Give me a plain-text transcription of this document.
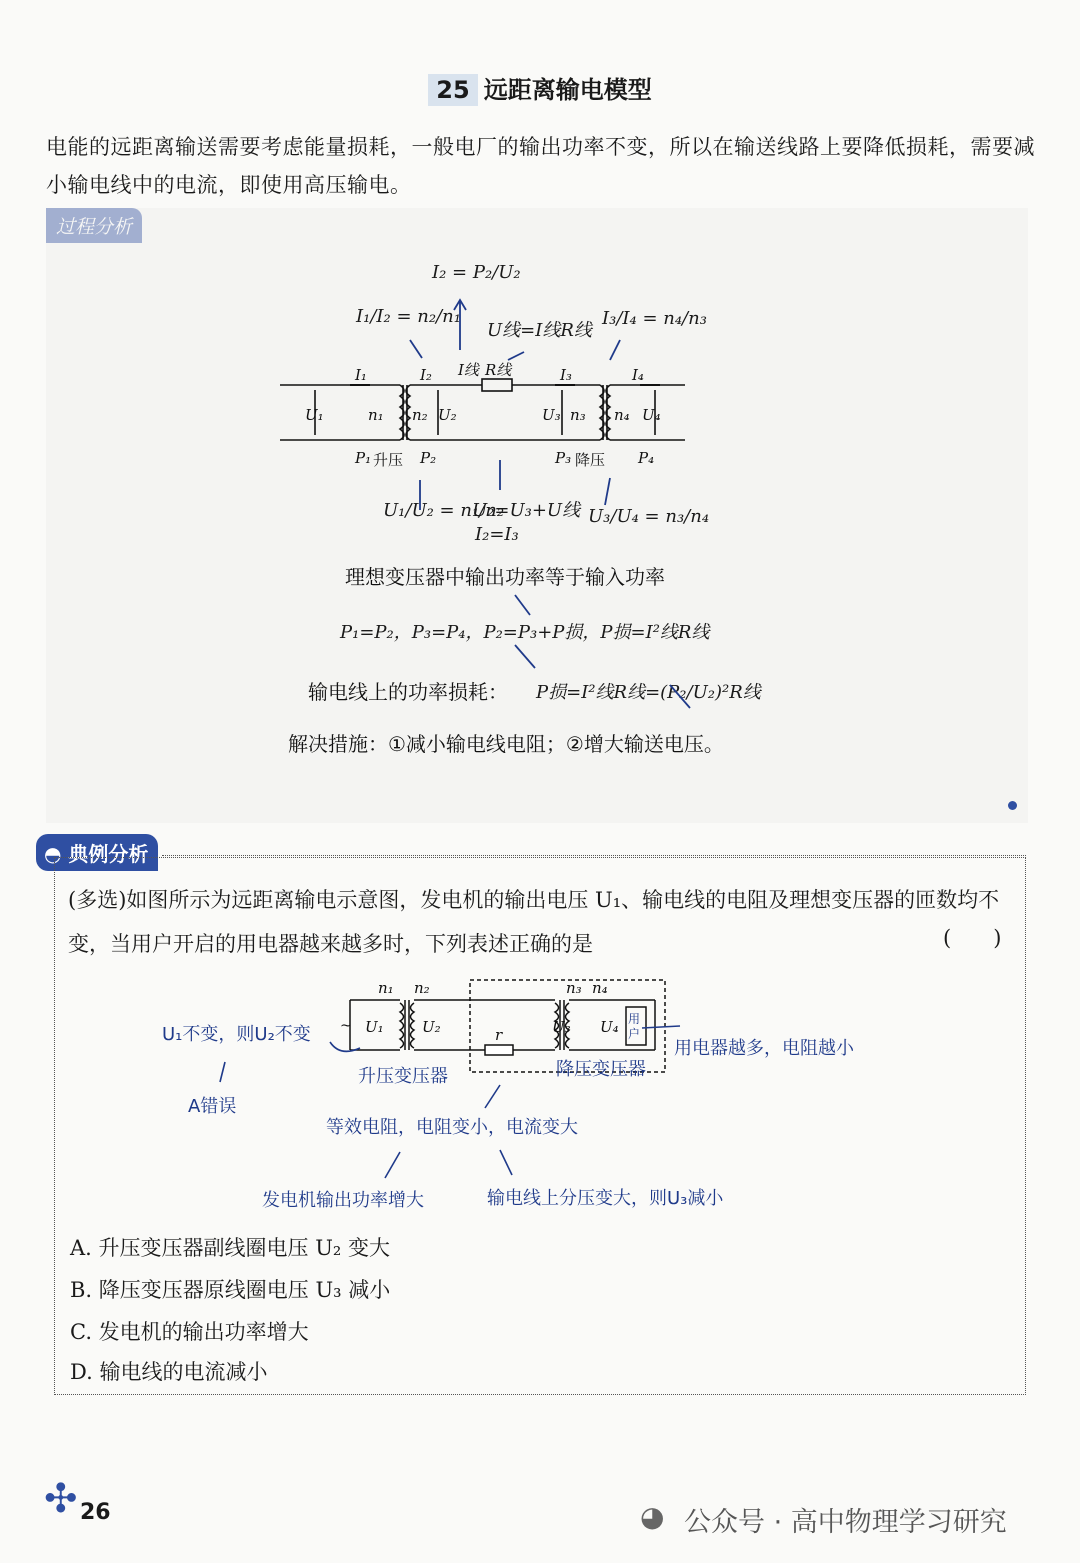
25 远距离输电模型
电能的远距离输送需要考虑能量损耗，一般电厂的输出功率不变，所以在输送线路上要降低损耗，需要减小输电线中的电流，即使用高压输电。
I₁	I₂ I线 R线	I₃	I₄
U₁	n₁ n₂ U₂	U₃ n₃ n₄ U₄
P₁	P₂	P₃	P₄
升压	降压
I₂ = P₂/U₂
I₁/I₂ = n₂/n₁
U线=I线R线
I₃/I₄ = n₄/n₃
U₁/U₂ = n₁/n₂
U₂=U₃+U线
I₂=I₃
U₃/U₄ = n₃/n₄
理想变压器中输出功率等于输入功率
P₁=P₂，P₃=P₄，P₂=P₃+P损，P损=I²线R线
输电线上的功率损耗： P损=I²线R线=(P₂/U₂)²R线
解决措施：①减小输电线电阻；②增大输送电压。
◓ 典例分析
(多选)如图所示为远距离输电示意图，发电机的输出电压 U₁、输电线的电阻及理想变压器的匝数均不变，当用户开启的用电器越来越多时，下列表述正确的是	(　　)
n₁ n₂	n₃ n₄
U₁	U₂	U₃ U₄
r
用
户
~
U₁不变，则U₂不变
A错误
升压变压器	降压变压器
用电器越多，电阻越小
等效电阻，电阻变小，电流变大
发电机输出功率增大	输电线上分压变大，则U₃减小
A. 升压变压器副线圈电压 U₂ 变大
B. 降压变压器原线圈电压 U₃ 减小
C. 发电机的输出功率增大
D. 输电线的电流减小
✣ 26	◕ 公众号 · 高中物理学习研究
